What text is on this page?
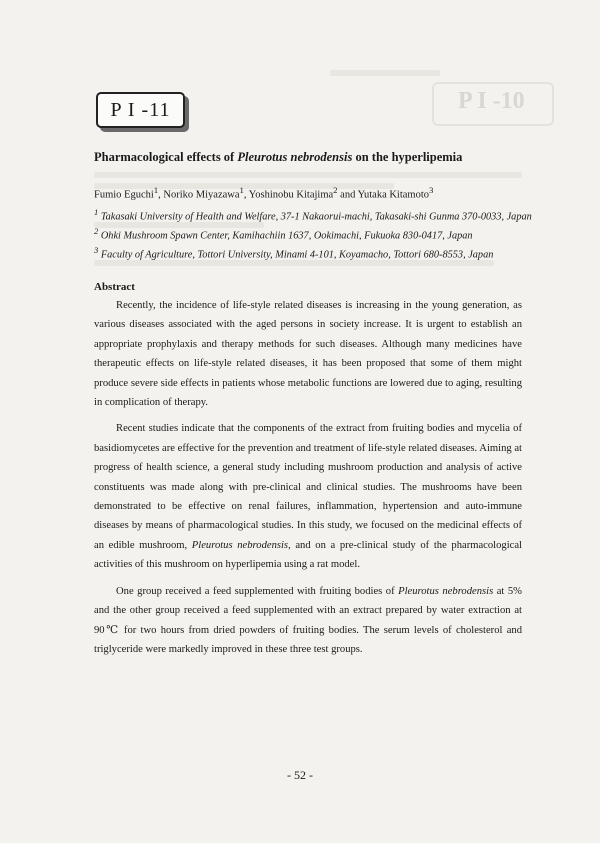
P I -10
P I -11
Pharmacological effects of Pleurotus nebrodensis on the hyperlipemia
Fumio Eguchi$^1$, Noriko Miyazawa$^1$, Yoshinobu Kitajima$^2$ and Yutaka Kitamoto$^3$
$^1$ Takasaki University of Health and Welfare, 37-1 Nakaorui-machi, Takasaki-shi Gunma 370-0033, Japan
$^2$ Ohki Mushroom Spawn Center, Kamihachiin 1637, Ookimachi, Fukuoka 830-0417, Japan
$^3$ Faculty of Agriculture, Tottori University, Minami 4-101, Koyamacho, Tottori 680-8553, Japan
Abstract

Recently, the incidence of life-style related diseases is increasing in the young generation, as various diseases associated with the aged persons in society increase. It is urgent to establish an appropriate prophylaxis and therapy methods for such diseases. Although many medicines have therapeutic effects on life-style related diseases, it has been proposed that some of them might produce severe side effects in patients whose metabolic functions are lowered due to aging, resulting in complication of therapy.

Recent studies indicate that the components of the extract from fruiting bodies and mycelia of basidiomycetes are effective for the prevention and treatment of life-style related diseases. Aiming at progress of health science, a general study including mushroom production and analysis of active constituents was made along with pre-clinical and clinical studies. The mushrooms have been demonstrated to be effective on renal failures, inflammation, hypertension and auto-immune diseases by means of pharmacological studies. In this study, we focused on the medicinal effects of an edible mushroom, Pleurotus nebrodensis, and on a pre-clinical study of the pharmacological activities of this mushroom on hyperlipemia using a rat model.

One group received a feed supplemented with fruiting bodies of Pleurotus nebrodensis at 5% and the other group received a feed supplemented with an extract prepared by water extraction at 90℃ for two hours from dried powders of fruiting bodies. The serum levels of cholesterol and triglyceride were markedly improved in these three test groups.

- 52 -
